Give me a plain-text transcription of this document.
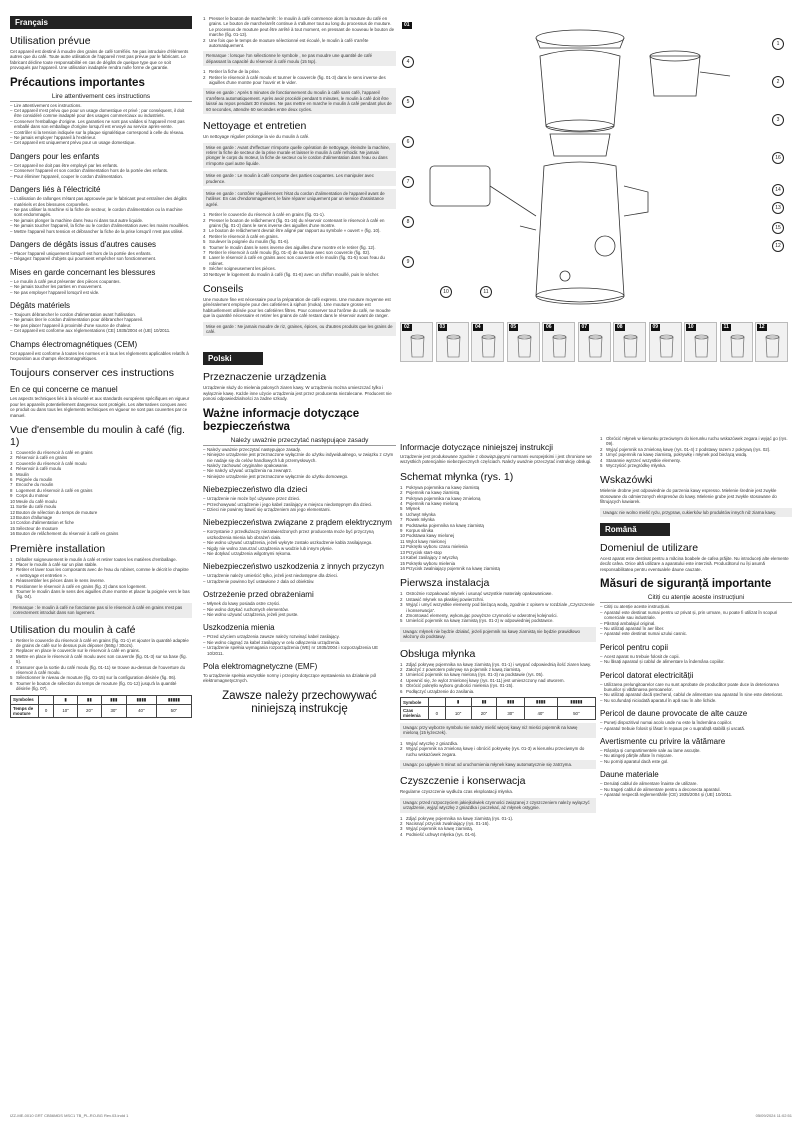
Français
Utilisation prévue

Cet appareil est destiné à moudre des grains de café torréfiés. Ne pas introduire d'éléments autres que du café. Toute autre utilisation de l'appareil n'est pas prévue par le fabricant. Le fabricant décline toute responsabilité en cas de dégâts de quelque type que ce soit provoqués par l'appareil. Une utilisation inadaptée rendra nulle forme de garantie.

Précautions importantes
Lire attentivement ces instructions
– Lire attentivement ces instructions.
– Cet appareil n'est prévu que pour un usage domestique et privé ; par conséquent, il doit être considéré comme inadapté pour des usages commerciaux ou industriels.
– Conserver l'emballage d'origine. Les garanties ne sont pas valides si l'appareil n'est pas emballé dans son emballage d'origine lorsqu'il est envoyé au service après-vente.
– Contrôler si la tension indiquée sur la plaque signalétique correspond à celle du réseau.
– Ne jamais employer l'appareil à l'extérieur.
– Cet appareil est uniquement prévu pour un usage domestique.
Dangers pour les enfants
– Cet appareil ne doit pas être employé par les enfants.
– Conserver l'appareil et son cordon d'alimentation hors de la portée des enfants.
– Pour éliminer l'appareil, couper le cordon d'alimentation.
Dangers liés à l'électricité
– L'utilisation de rallonges n'étant pas approuvée par le fabricant peut entraîner des dégâts matériels et des blessures corporelles.
– Ne pas utiliser la machine si la fiche de secteur, le cordon d'alimentation ou la machine sont endommagés.
– Ne jamais plonger la machine dans l'eau ni dans tout autre liquide.
– Ne jamais toucher l'appareil, la fiche ou le cordon d'alimentation avec les mains mouillées.
– Mettre l'appareil hors tension et débrancher la fiche de la prise lorsqu'il n'est pas utilisé.
Dangers de dégâts issus d'autres causes
– Placer l'appareil uniquement lorsqu'il est hors de la portée des enfants.
– Dégagez l'appareil d'objets qui pourraient empêcher son fonctionnement.
Mises en garde concernant les blessures
– Le moulin à café peut présenter des pièces coupantes.
– Ne jamais toucher les parties en mouvement.
– Ne pas employer l'appareil lorsqu'il est vide.
Dégâts matériels
– Toujours débrancher le cordon d'alimentation avant l'utilisation.
– Ne jamais tirer le cordon d'alimentation pour débrancher l'appareil.
– Ne pas placer l'appareil à proximité d'une source de chaleur.
– Cet appareil est conforme aux réglementations (CE) 1935/2004 et (UE) 10/2011.
Champs électromagnétiques (CEM)

Cet appareil est conforme à toutes les normes et à tous les règlements applicables relatifs à l'exposition aux champs électromagnétiques.

Toujours conserver ces instructions
En ce qui concerne ce manuel

Les aspects techniques liés à la sécurité et aux standards européens spécifiques en vigueur pour les appareils potentiellement dangereux sont protégés. Les alternatives conçues avec ce produit ou dans tous les règlements techniques en vigueur ne sont pas couvertes par ce manuel.

Vue d'ensemble du moulin à café (fig. 1)
1 Couvercle du réservoir à café en grains
2 Réservoir à café en grains
3 Couvercle du réservoir à café moulu
4 Réservoir à café moulu
5 Moulin
6 Poignée du moulin
7 Encoche du moulin
8 Logement du réservoir à café en grains
9 Corps du moteur
10 Meule du café moulu
11 Sortie du café moulu
12 Bouton de sélection du temps de mouture
13 Bouton d'allumage
14 Cordon d'alimentation et fiche
15 Sélecteur de mouture
16 Bouton de relâchement du réservoir à café en grains
Première installation
1 Déballer soigneusement le moulin à café et retirer toutes les matières d'emballage.
2 Placer le moulin à café sur un plan stable.
3 Retirer et laver tous les composants avec de l'eau du robinet, comme le décrit le chapitre « nettoyage et entretien ».
4 Réassembler les pièces dans le sens inverse.
5 Positionner le réservoir à café en grains (fig. 2) dans son logement.
6 Tourner le moulin dans le sens des aiguilles d'une montre et placer la poignée vers le bas (fig. 04).
Remarque : le moulin à café ne fonctionne pas si le réservoir à café en grains n'est pas correctement introduit dans son logement.
Utilisation du moulin à café
1 Retirer le couvercle du réservoir à café en grains (fig. 01-1) et ajouter la quantité adaptée de grains de café sur le dessus puis déposer (560g / 30ozs).
2 Replacer en place le couvercle sur le réservoir à café en grains.
3 Mettre en place le réservoir à café moulu avec son couvercle (fig. 01-3) sur sa base (fig. 5).
4 S'assurer que la sortie du café moulu (fig. 01-11) se trouve au-dessus de l'ouverture du réservoir à café moulu.
5 Sélectionner le niveau de mouture (fig. 01-15) sur la configuration désirée (fig. 06).
6 Tourner le bouton de sélection du temps de mouture (fig. 01-12) jusqu'à la quantité désirée (fig. 07).
Symboles		▮	▮▮	▮▮▮	▮▮▮▮	▮▮▮▮▮
Temps de mouture	0	10''	20''	30''	40''	50''
1 Presser le bouton de marche/arrêt : le moulin à café commence alors la mouture du café en grains. Le bouton de marche/arrêt continue à s'allumer tout au long du processus de mouture. Le processus de mouture peut être arrêté à tout moment, en pressant de nouveau le bouton de marche (fig. 01-13).
2 Une fois que le temps de mouture sélectionné est écoulé, le moulin à café s'arrête automatiquement.
Remarque : lorsque l'on sélectionne le symbole , ne pas moudre une quantité de café dépassant la capacité du réservoir à café moulu (15 tsp).
1 Retirer la fiche de la prise.
2 Retirer le réservoir à café moulu et tourner le couvercle (fig. 01-3) dans le sens inverse des aiguilles d'une montre pour l'ouvrir et le vider.
Mise en garde : Après 5 minutes de fonctionnement du moulin à café sans café, l'appareil s'arrêtera automatiquement. Après avoir procédé pendant 5 minutes, le moulin à café doit être laissé au repos pendant 30 minutes. Ne pas mettre en marche le moulin à café pendant plus de 60 secondes, attendre 60 secondes entre deux cycles.
Nettoyage et entretien

Un nettoyage régulier prolonge la vie du moulin à café.

Mise en garde : Avant d'effectuer n'importe quelle opération de nettoyage, éteindre la machine, retirer la fiche de secteur de la prise murale et laisser le moulin à café refroidir. Ne jamais plonger le corps du moteur, la fiche de secteur ou le cordon d'alimentation dans l'eau ou dans n'importe quel autre liquide.
Mise en garde : Le moulin à café comporte des parties coupantes. Les manipuler avec prudence.
Mise en garde : contrôler régulièrement l'état du cordon d'alimentation de l'appareil avant de l'utiliser. En cas d'endommagement, le faire réparer uniquement par un service d'assistance agréé.
1 Retirer le couvercle du réservoir à café en grains (fig. 01-1).
2 Presser le bouton de relâchement (fig. 01-16) du réservoir contenant le réservoir à café en grains (fig. 01-2) dans le sens inverse des aiguilles d'une montre.
3 Le bouton de relâchement devrait être aligné par rapport au symbole « ouvert » (fig. 10).
4 Retirer le réservoir à café en grains.
5 Soulever la poignée du moulin (fig. 01-6).
6 Tourner le moulin dans le sens inverse des aiguilles d'une montre et le retirer (fig. 12).
7 Retirer le réservoir à café moulu (fig. 01-4) de sa base avec son couvercle (fig. 02).
8 Laver le réservoir à café en grains avec son couvercle et le moulin (fig. 01-5) sous l'eau du robinet.
9 Sécher soigneusement les pièces.
10 Nettoyer le logement du moulin à café (fig. 01-8) avec un chiffon mouillé, puis le sécher.
Conseils

Une mouture fine est nécessaire pour la préparation de café express. Une mouture moyenne est généralement employée pour des cafetières à siphon (moka). Une mouture grosse est habituellement utilisée pour les cafetières filtres. Pour conserver tout l'arôme du café, ne moudre que la quantité nécessaire et retirer les grains de café restant dans le réservoir avant de ranger.

Mise en garde : Ne jamais moudre de riz, graines, épices, ou d'autres produits que les grains de café.
Polski
Przeznaczenie urządzenia

Urządzenie służy do mielenia palonych ziaren kawy. W urządzeniu można umieszczać tylko i wyłącznie kawę. Każde inne użycie urządzenia jest przez producenta niezalecane. Producent nie ponosi odpowiedzialności za żadne szkody.

Ważne informacje dotyczące bezpieczeństwa
Należy uważnie przeczytać następujące zasady
– Należy uważnie przeczytać następujące zasady.
– Niniejsze urządzenie jest przeznaczone wyłącznie do użytku indywidualnego, w związku z czym nie nadaje się do celów handlowych lub przemysłowych.
– Należy zachować oryginalne opakowanie.
– Nie należy używać urządzenia na zewnątrz.
– Niniejsze urządzenie jest przeznaczone wyłącznie do użytku domowego.
Niebezpieczeństwo dla dzieci
– Urządzenie nie może być używane przez dzieci.
– Przechowywać urządzenie i jego kabel zasilający w miejscu niedostępnym dla dzieci.
– Dzieci nie powinny bawić się urządzeniem ani jego elementami.
Niebezpieczeństwa związane z prądem elektrycznym
– Korzystanie z przedłużaczy niezatwierdzonych przez producenta może być przyczyną uszkodzenia mienia lub obrażeń ciała.
– Nie wolno używać urządzenia, jeżeli wykryte zostało uszkodzenie kabla zasilającego.
– Nigdy nie wolno zanurzać urządzenia w wodzie lub innym płynie.
– Nie dotykać urządzenia wilgotnymi rękoma.
Niebezpieczeństwo uszkodzenia z innych przyczyn
– Urządzenie należy umieścić tylko, jeżeli jest niedostępne dla dzieci.
– Urządzenie powinno być ustawione z dala od obiektów.
Ostrzeżenie przed obrażeniami
– Młynek do kawy posiada ostre części.
– Nie wolno dotykać ruchomych elementów.
– Nie wolno używać urządzenia, jeżeli jest puste.
Uszkodzenia mienia
– Przed użyciem urządzenia zawsze należy rozwinąć kabel zasilający.
– Nie wolno ciągnąć za kabel zasilający w celu odłączenia urządzenia.
– Urządzenie spełnia wymagania rozporządzenia (WE) nr 1935/2004 i rozporządzenia UE 10/2011.
Pola elektromagnetyczne (EMF)

To urządzenie spełnia wszystkie normy i przepisy dotyczące wystawienia na działanie pól elektromagnetycznych.

Zawsze należy przechowywać niniejszą instrukcję
01
1
2
3
4
5
6
7
8
9
10	11
12
13
14
15
16
02	03	04	05	06	07	08	09	10	11	12
Informacje dotyczące niniejszej instrukcji

Urządzenie jest produkowane zgodnie z obowiązującymi normami europejskimi i jest chronione we wszystkich potencjalnie niebezpiecznych częściach. Należy uważnie przeczytać instrukcję obsługi.

Schemat młynka (rys. 1)
1 Pokrywa pojemnika na kawę ziarnistą
2 Pojemnik na kawę ziarnistą
3 Pokrywa pojemnika na kawę zmieloną
4 Pojemnik na kawę mieloną
5 Młynek
6 Uchwyt młynka
7 Rowek młynka
8 Podstawka pojemnika na kawę ziarnistą
9 Korpus silnika
10 Podstawa kawy mielonej
11 Wylot kawy mielonej
12 Pokrętło wyboru czasu mielenia
13 Przycisk start-stop
14 Kabel zasilający z wtyczką
15 Pokrętło wyboru mielenia
16 Przycisk zwalniający pojemnik na kawę ziarnistą
Pierwsza instalacja
1 Ostrożnie rozpakować młynek i usunąć wszystkie materiały opakowaniowe.
2 Ustawić młynek na płaskiej powierzchni.
3 Wyjąć i umyć wszystkie elementy pod bieżącą wodą, zgodnie z opisem w rozdziale „Czyszczenie i konserwacja”.
4 Zmontować elementy, wykonując powyższe czynności w odwrotnej kolejności.
5 Umieścić pojemnik na kawę ziarnistą (rys. 01-2) w odpowiedniej podstawce.
Uwaga: młynek nie będzie działać, jeżeli pojemnik na kawę ziarnistą nie będzie prawidłowo włożony do podstawy.
Obsługa młynka
1 Zdjąć pokrywę pojemnika na kawę ziarnistą (rys. 01-1) i wsypać odpowiednią ilość ziaren kawy.
2 Założyć z powrotem pokrywę na pojemnik z kawą ziarnistą.
3 Umieścić pojemnik na kawę mieloną (rys. 01-3) na podstawie (rys. 05).
4 Upewnić się, że wylot zmielonej kawy (rys. 01-11) jest umieszczony nad otworem.
5 Obrócić pokrętło wyboru grubości mielenia (rys. 01-15).
6 Podłączyć urządzenie do zasilania.
Symbole		▮	▮▮	▮▮▮	▮▮▮▮	▮▮▮▮▮
Czas mielenia	0	10''	20''	30''	40''	50''
Uwaga: przy wyborze symbolu nie należy mielić więcej kawy niż mieści pojemnik na kawę mieloną (15 łyżeczek).
1 Wyjąć wtyczkę z gniazdka.
2 Wyjąć pojemnik na zmieloną kawę i obrócić pokrywkę (rys. 01-3) w kierunku przeciwnym do ruchu wskazówek zegara.
Uwaga: po upływie 5 minut od uruchomienia młynek kawy automatycznie się zatrzyma.
Czyszczenie i konserwacja

Regularne czyszczenie wydłuża czas eksploatacji młynka.

Uwaga: przed rozpoczęciem jakiejkolwiek czynności związanej z czyszczeniem należy wyłączyć urządzenie, wyjąć wtyczkę z gniazdka i poczekać, aż młynek ostygnie.
1 Zdjąć pokrywę pojemnika na kawę ziarnistą (rys. 01-1).
2 Nacisnąć przycisk zwalniający (rys. 01-16).
3 Wyjąć pojemnik na kawę ziarnistą.
4 Podnieść uchwyt młynka (rys. 01-6).
1 Obrócić młynek w kierunku przeciwnym do kierunku ruchu wskazówek zegara i wyjąć go (rys. 09).
2 Wyjąć pojemnik na zmieloną kawę (rys. 01-4) z podstawy razem z pokrywą (rys. 02).
3 Umyć pojemnik na kawę ziarnistą, pokrywkę i młynek pod bieżącą wodą.
4 Starannie wytrzeć wszystkie elementy.
5 Wyczyścić przegródkę młynka.
Wskazówki

Mielenie drobne jest odpowiednie do parzenia kawy espresso. Mielenie średnie jest zwykle stosowane do odmierzonych ekspresów do kawy. Mielenie grube jest zwykle stosowane do filtrujących kawiarek.

Uwaga: nie wolno mielić ryżu, przypraw, cukierków lub produktów innych niż ziarna kawy.
Română
Domeniul de utilizare

Acest aparat este destinat pentru a măcina boabele de cafea prăjite. Nu introduceți alte elemente decât cafea. Orice altă utilizare a aparatului este interzisă. Producătorul nu își asumă responsabilitatea pentru eventualele daune cauzate.

Măsuri de siguranță importante
Citiți cu atenție aceste instrucțiuni
– Citiți cu atenție aceste instrucțiuni.
– Aparatul este destinat numai pentru uz privat și, prin urmare, nu poate fi utilizat în scopuri comerciale sau industriale.
– Păstrați ambalajul original.
– Nu utilizați aparatul în aer liber.
– Aparatul este destinat numai uzului casnic.
Pericol pentru copii
– Acest aparat nu trebuie folosit de copii.
– Nu lăsați aparatul și cablul de alimentare la îndemâna copiilor.
Pericol datorat electricității
– Utilizarea prelungitoarelor care nu sunt aprobate de producător poate duce la deteriorarea bunurilor și vătămarea persoanelor.
– Nu utilizați aparatul dacă ștecherul, cablul de alimentare sau aparatul în sine este deteriorat.
– Nu scufundați niciodată aparatul în apă sau în alte lichide.
Pericol de daune provocate de alte cauze
– Puneți dispozitivul numai acolo unde nu este la îndemâna copiilor.
– Aparatul trebuie folosit și lăsat în repaus pe o suprafață stabilă și uscată.
Avertismente cu privire la vătămare
– Râșnița și compartimentele sale au lame ascuțite.
– Nu atingeți părțile aflate în mișcare.
– Nu porniți aparatul dacă este gol.
Daune materiale
– Derulați cablul de alimentare înainte de utilizare.
– Nu trageți cablul de alimentare pentru a deconecta aparatul.
– Aparatul respectă reglementările (CE) 1935/2004 și (UE) 10/2011.
IZZ-ME-0010 GRT CB56MDS MSC1 TB_PL-RO-BG Rev.03.indd 1	05/09/2024 11:02:51
